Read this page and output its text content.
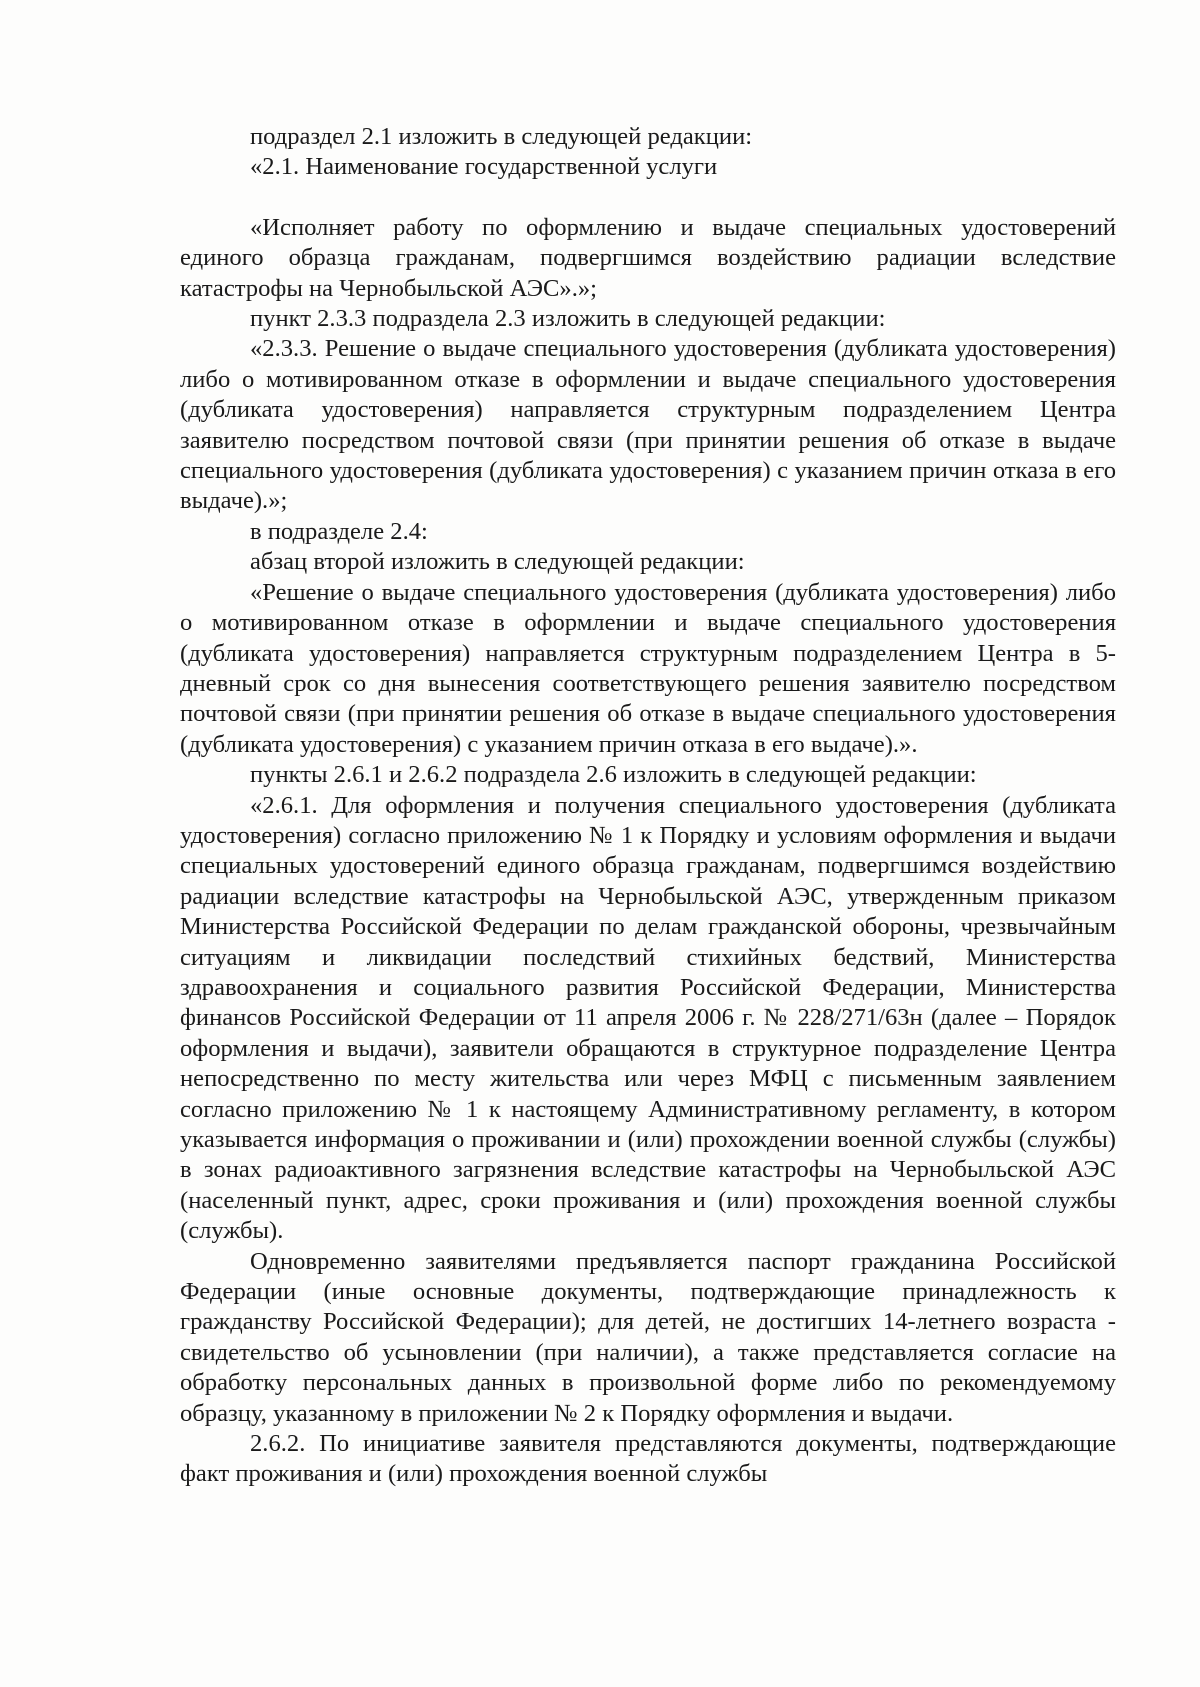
подраздел 2.1 изложить в следующей редакции:

«2.1. Наименование государственной услуги

«Исполняет работу по оформлению и выдаче специальных удостоверений единого образца гражданам, подвергшимся воздействию радиации вследствие катастрофы на Чернобыльской АЭС».»;

пункт 2.3.3 подраздела 2.3 изложить в следующей редакции:

«2.3.3. Решение о выдаче специального удостоверения (дубликата удостоверения) либо о мотивированном отказе в оформлении и выдаче специального удостоверения (дубликата удостоверения) направляется структурным подразделением Центра заявителю посредством почтовой связи (при принятии решения об отказе в выдаче специального удостоверения (дубликата удостоверения) с указанием причин отказа в его выдаче).»;

в подразделе 2.4:

абзац второй изложить в следующей редакции:

«Решение о выдаче специального удостоверения (дубликата удостоверения) либо о мотивированном отказе в оформлении и выдаче специального удостоверения (дубликата удостоверения) направляется структурным подразделением Центра в 5-дневный срок со дня вынесения соответствующего решения заявителю посредством почтовой связи (при принятии решения об отказе в выдаче специального удостоверения (дубликата удостоверения) с указанием причин отказа в его выдаче).».

пункты 2.6.1 и 2.6.2 подраздела 2.6 изложить в следующей редакции:

«2.6.1. Для оформления и получения специального удостоверения (дубликата удостоверения) согласно приложению № 1 к Порядку и условиям оформления и выдачи специальных удостоверений единого образца гражданам, подвергшимся воздействию радиации вследствие катастрофы на Чернобыльской АЭС, утвержденным приказом Министерства Российской Федерации по делам гражданской обороны, чрезвычайным ситуациям и ликвидации последствий стихийных бедствий, Министерства здравоохранения и социального развития Российской Федерации, Министерства финансов Российской Федерации от 11 апреля 2006 г. № 228/271/63н (далее – Порядок оформления и выдачи), заявители обращаются в структурное подразделение Центра непосредственно по месту жительства или через МФЦ с письменным заявлением согласно приложению № 1 к настоящему Административному регламенту, в котором указывается информация о проживании и (или) прохождении военной службы (службы) в зонах радиоактивного загрязнения вследствие катастрофы на Чернобыльской АЭС (населенный пункт, адрес, сроки проживания и (или) прохождения военной службы (службы).

Одновременно заявителями предъявляется паспорт гражданина Российской Федерации (иные основные документы, подтверждающие принадлежность к гражданству Российской Федерации); для детей, не достигших 14-летнего возраста - свидетельство об усыновлении (при наличии), а также представляется согласие на обработку персональных данных в произвольной форме либо по рекомендуемому образцу, указанному в приложении № 2 к Порядку оформления и выдачи.

2.6.2. По инициативе заявителя представляются документы, подтверждающие факт проживания и (или) прохождения военной службы
